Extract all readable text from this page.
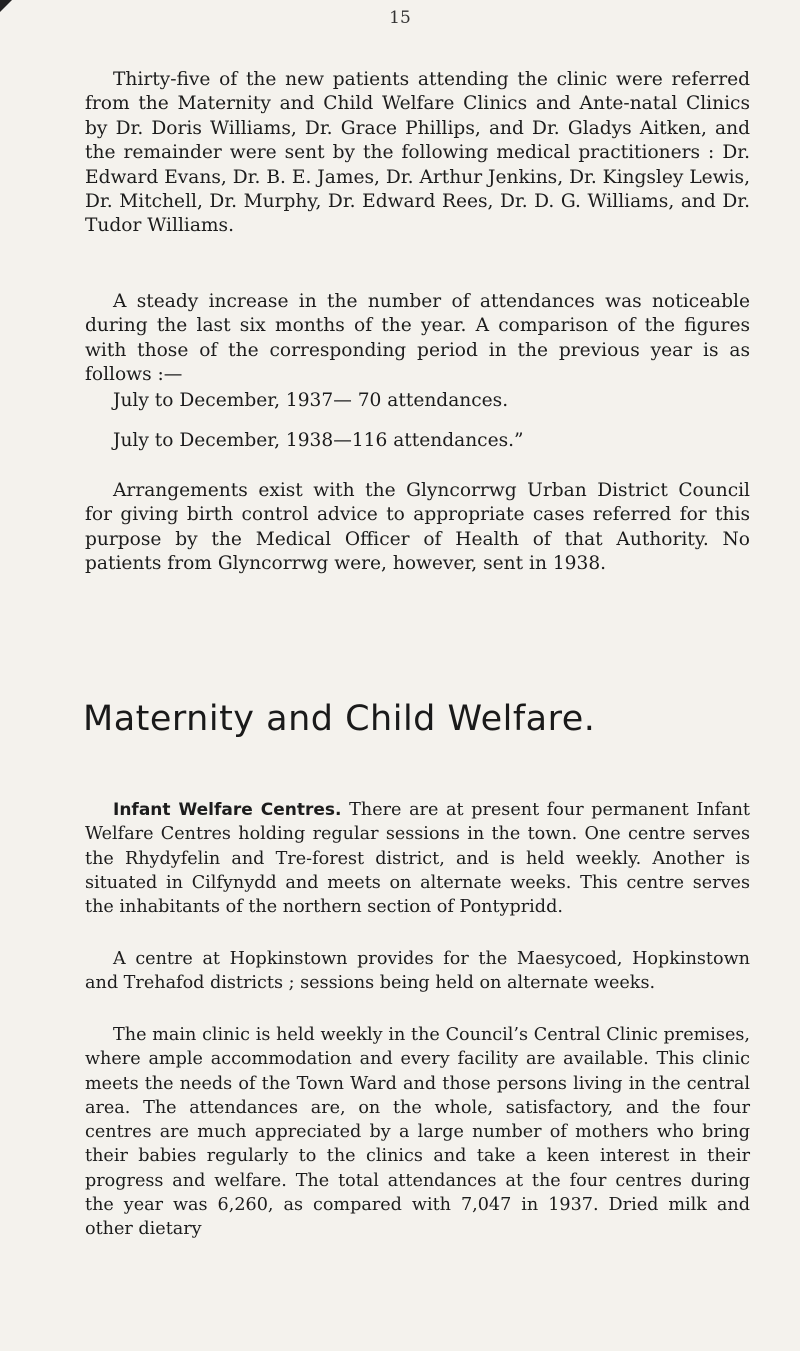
15

Thirty-five of the new patients attending the clinic were referred from the Maternity and Child Welfare Clinics and Ante-natal Clinics by Dr. Doris Williams, Dr. Grace Phillips, and Dr. Gladys Aitken, and the remainder were sent by the following medical practitioners : Dr. Edward Evans, Dr. B. E. James, Dr. Arthur Jenkins, Dr. Kingsley Lewis, Dr. Mitchell, Dr. Murphy, Dr. Edward Rees, Dr. D. G. Williams, and Dr. Tudor Williams.

A steady increase in the number of attendances was noticeable during the last six months of the year. A comparison of the figures with those of the corresponding period in the previous year is as follows :—

July to December, 1937— 70 attendances.

July to December, 1938—116 attendances.”

Arrangements exist with the Glyncorrwg Urban District Council for giving birth control advice to appropriate cases referred for this purpose by the Medical Officer of Health of that Authority. No patients from Glyncorrwg were, however, sent in 1938.

Maternity and Child Welfare.

Infant Welfare Centres. There are at present four permanent Infant Welfare Centres holding regular sessions in the town. One centre serves the Rhydyfelin and Tre-forest district, and is held weekly. Another is situated in Cilfynydd and meets on alternate weeks. This centre serves the inhabitants of the northern section of Pontypridd.

A centre at Hopkinstown provides for the Maesycoed, Hopkinstown and Trehafod districts ; sessions being held on alternate weeks.

The main clinic is held weekly in the Council’s Central Clinic premises, where ample accommodation and every facility are available. This clinic meets the needs of the Town Ward and those persons living in the central area. The attendances are, on the whole, satisfactory, and the four centres are much appreciated by a large number of mothers who bring their babies regularly to the clinics and take a keen interest in their progress and welfare. The total attendances at the four centres during the year was 6,260, as compared with 7,047 in 1937. Dried milk and other dietary
